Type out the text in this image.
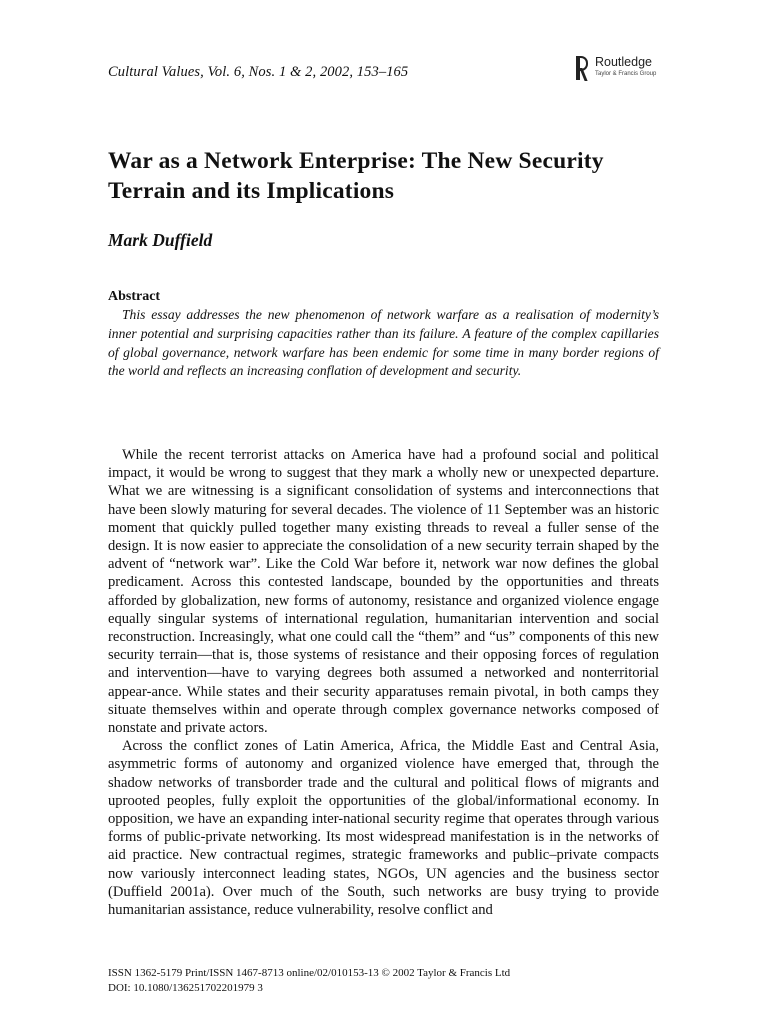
Cultural Values, Vol. 6, Nos. 1 & 2, 2002, 153–165
Routledge
Taylor & Francis Group
War as a Network Enterprise: The New Security Terrain and its Implications
Mark Duffield
Abstract

This essay addresses the new phenomenon of network warfare as a realisation of modernity’s inner potential and surprising capacities rather than its failure. A feature of the complex capillaries of global governance, network warfare has been endemic for some time in many border regions of the world and reflects an increasing conflation of development and security.

While the recent terrorist attacks on America have had a profound social and political impact, it would be wrong to suggest that they mark a wholly new or unexpected departure. What we are witnessing is a significant consolidation of systems and interconnections that have been slowly maturing for several decades. The violence of 11 September was an historic moment that quickly pulled together many existing threads to reveal a fuller sense of the design. It is now easier to appreciate the consolidation of a new security terrain shaped by the advent of “network war”. Like the Cold War before it, network war now defines the global predicament. Across this contested landscape, bounded by the opportunities and threats afforded by globalization, new forms of autonomy, resistance and organized violence engage equally singular systems of international regulation, humanitarian intervention and social reconstruction. Increasingly, what one could call the “them” and “us” components of this new security terrain—that is, those systems of resistance and their opposing forces of regulation and intervention—have to varying degrees both assumed a networked and nonterritorial appear-ance. While states and their security apparatuses remain pivotal, in both camps they situate themselves within and operate through complex governance networks composed of nonstate and private actors.

Across the conflict zones of Latin America, Africa, the Middle East and Central Asia, asymmetric forms of autonomy and organized violence have emerged that, through the shadow networks of transborder trade and the cultural and political flows of migrants and uprooted peoples, fully exploit the opportunities of the global/informational economy. In opposition, we have an expanding inter-national security regime that operates through various forms of public-private networking. Its most widespread manifestation is in the networks of aid practice. New contractual regimes, strategic frameworks and public–private compacts now variously interconnect leading states, NGOs, UN agencies and the business sector (Duffield 2001a). Over much of the South, such networks are busy trying to provide humanitarian assistance, reduce vulnerability, resolve conflict and

ISSN 1362-5179 Print/ISSN 1467-8713 online/02/010153-13 © 2002 Taylor & Francis Ltd
DOI: 10.1080/136251702201979 3
